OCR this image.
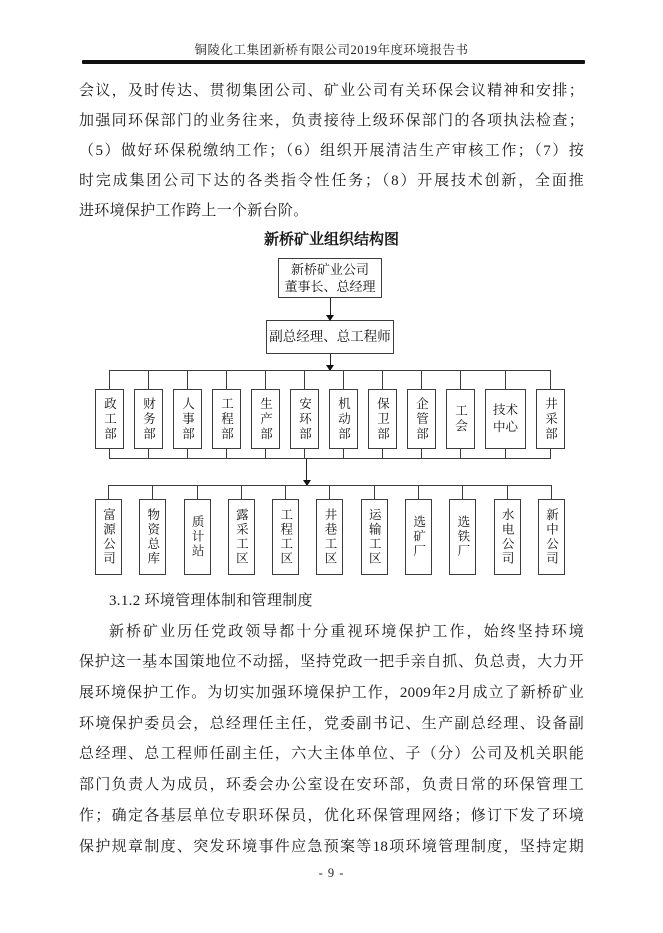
铜陵化工集团新桥有限公司2019年度环境报告书
会议，及时传达、贯彻集团公司、矿业公司有关环保会议精神和安排；
加强同环保部门的业务往来，负责接待上级环保部门的各项执法检查；
（5）做好环保税缴纳工作；（6）组织开展清洁生产审核工作；（7）按
时完成集团公司下达的各类指令性任务；（8）开展技术创新，全面推
进环境保护工作跨上一个新台阶。
新桥矿业组织结构图
新桥矿业公司
董事长、总经理
副总经理、总工程师
政工部	财务部	人事部	工程部	生产部	安环部	机动部	保卫部	企管部	工会	技术中心	井采部
富源公司	物资总库	质计站	露采工区	工程工区	井巷工区	运输工区	选矿厂	选铁厂	水电公司	新中公司
3.1.2 环境管理体制和管理制度
新桥矿业历任党政领导都十分重视环境保护工作，始终坚持环境
保护这一基本国策地位不动摇，坚持党政一把手亲自抓、负总责，大力开
展环境保护工作。为切实加强环境保护工作，2009年2月成立了新桥矿业
环境保护委员会，总经理任主任，党委副书记、生产副总经理、设备副
总经理、总工程师任副主任，六大主体单位、子（分）公司及机关职能
部门负责人为成员，环委会办公室设在安环部，负责日常的环保管理工
作；确定各基层单位专职环保员，优化环保管理网络；修订下发了环境
保护规章制度、突发环境事件应急预案等18项环境管理制度，坚持定期
- 9 -
